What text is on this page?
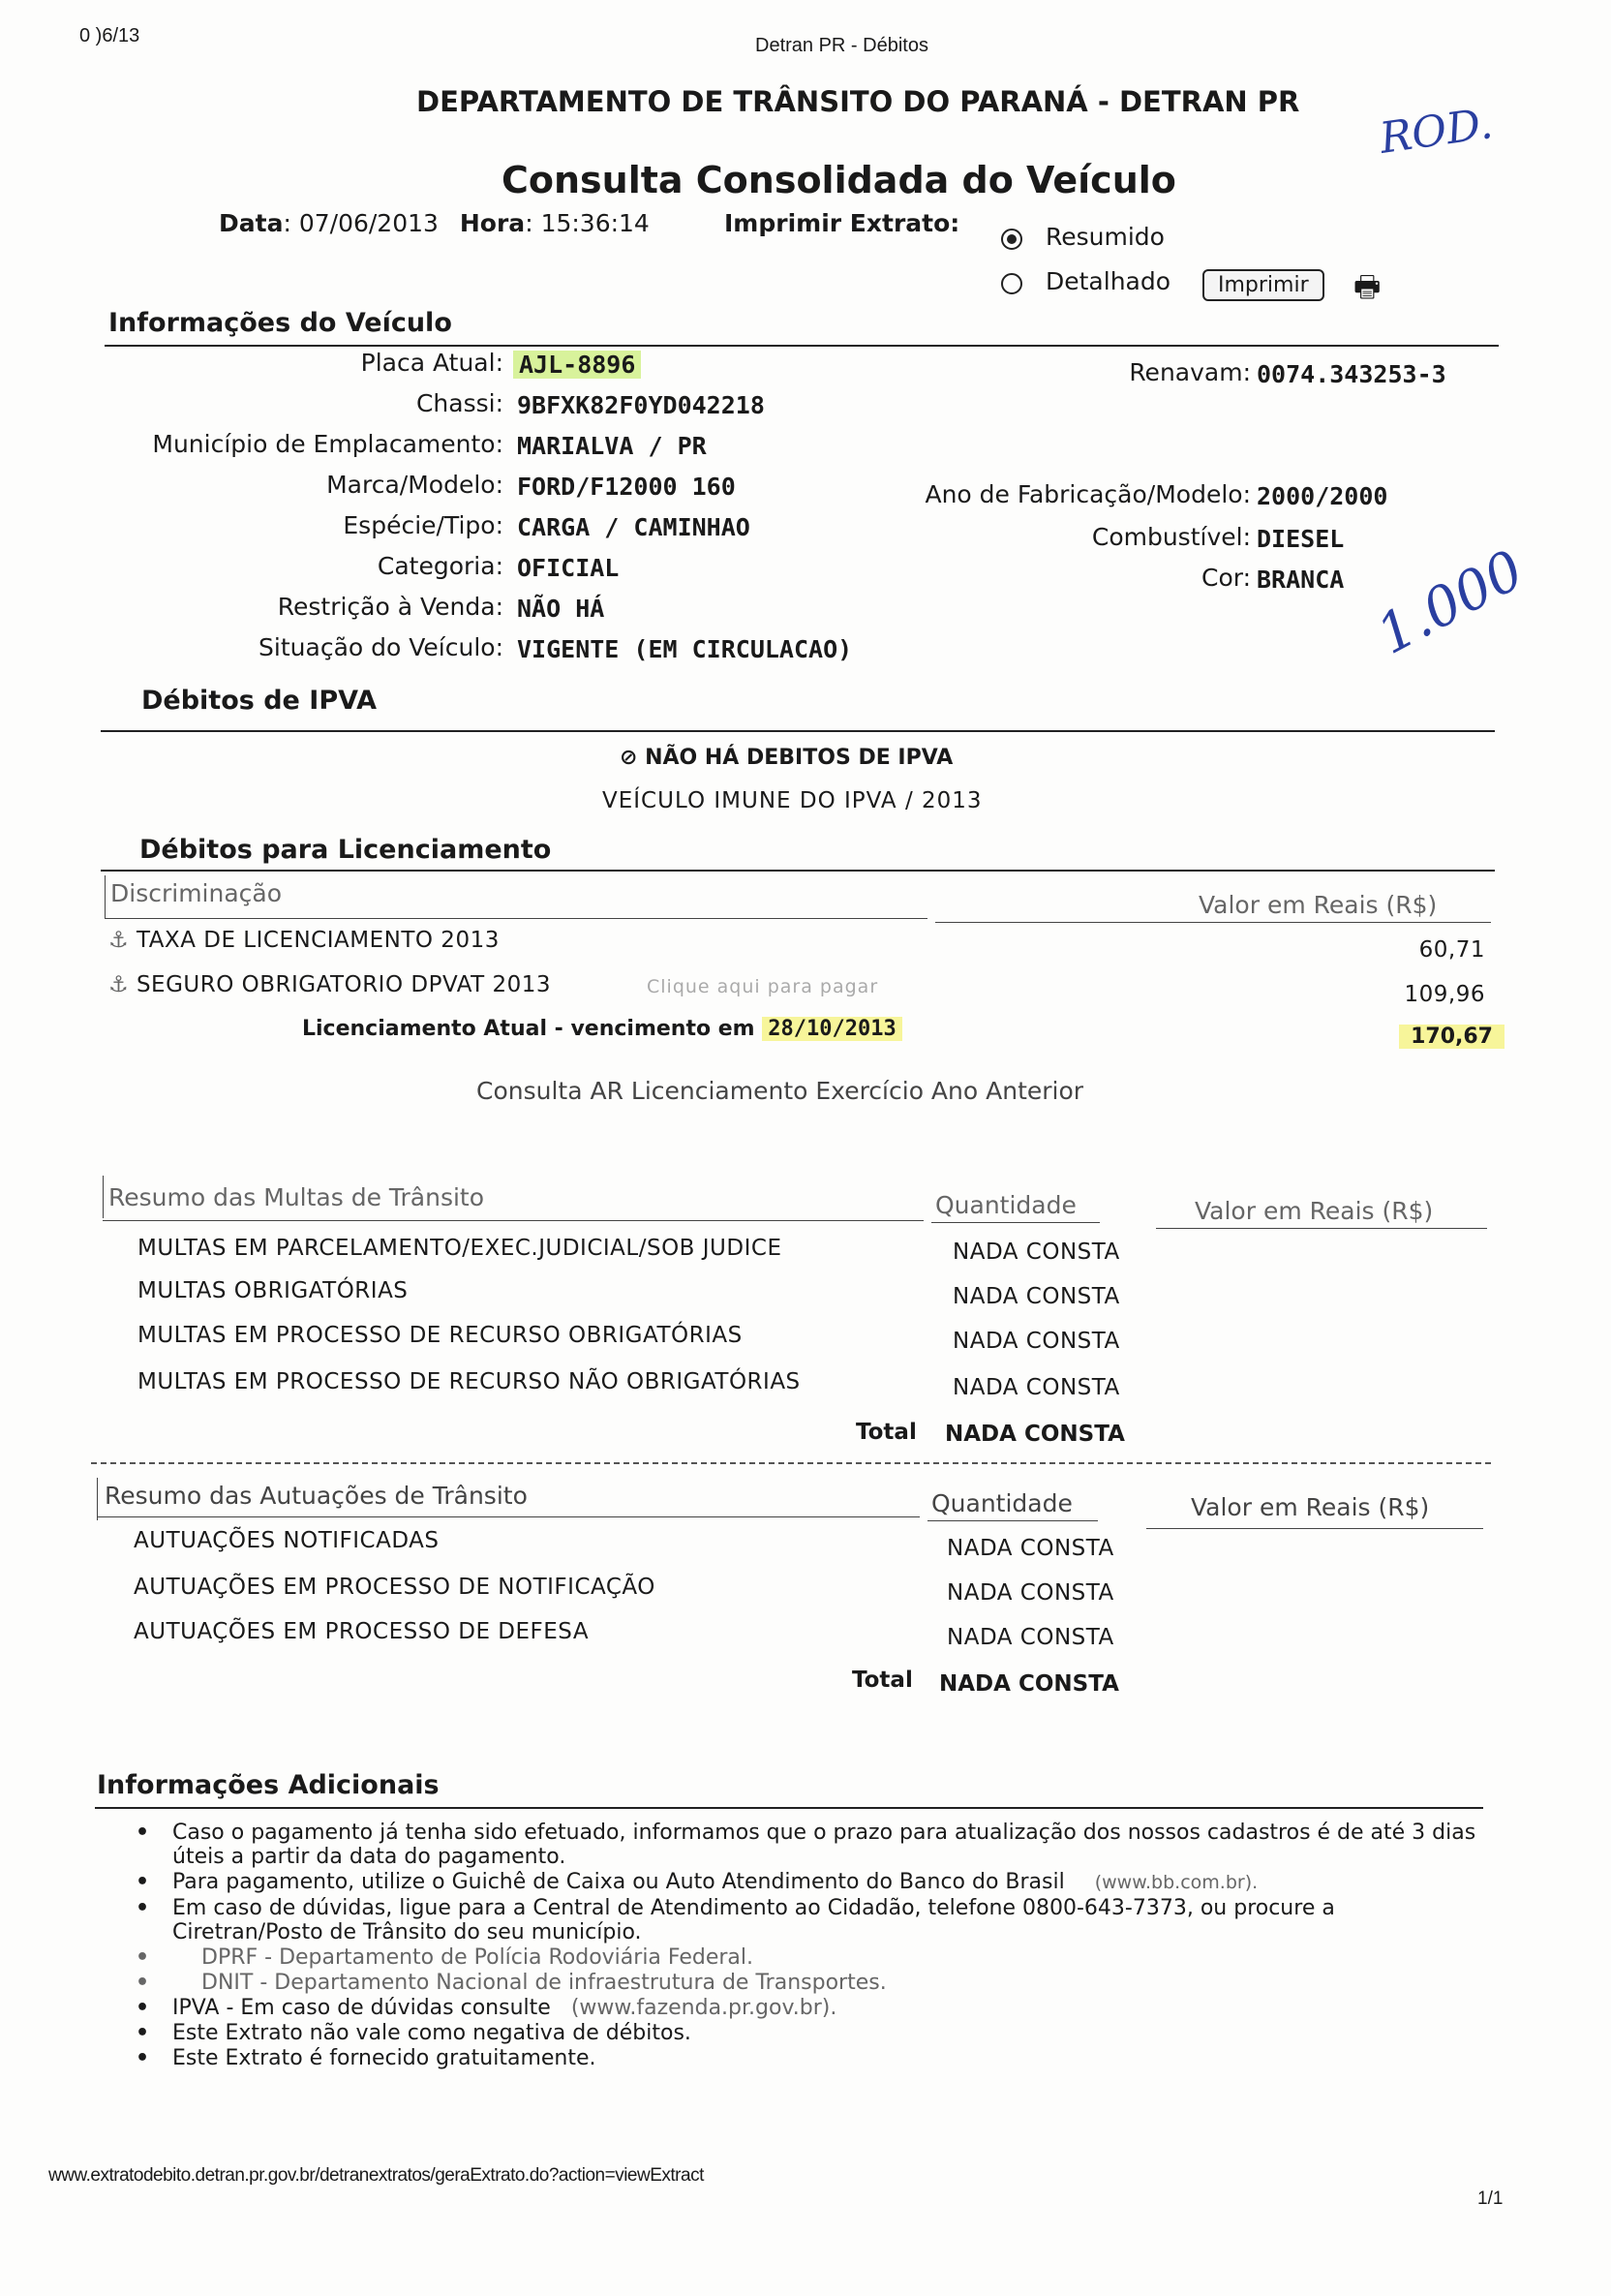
0 )6/13	Detran PR - Débitos
DEPARTAMENTO DE TRÂNSITO DO PARANÁ - DETRAN PR
Consulta Consolidada do Veículo
ROD.
Data: 07/06/2013 Hora: 15:36:14	Imprimir Extrato:	Resumido
Detalhado	Imprimir	🖶
Informações do Veículo
Placa Atual: AJL-8896
Chassi: 9BFXK82F0YD042218
Município de Emplacamento: MARIALVA / PR
Marca/Modelo: FORD/F12000 160
Espécie/Tipo: CARGA / CAMINHAO
Categoria: OFICIAL
Restrição à Venda: NÃO HÁ
Situação do Veículo: VIGENTE (EM CIRCULACAO)
Renavam: 0074.343253-3
Ano de Fabricação/Modelo: 2000/2000
Combustível: DIESEL
Cor: BRANCA 1.000
Débitos de IPVA
⊘ NÃO HÁ DEBITOS DE IPVA
VEÍCULO IMUNE DO IPVA / 2013
Débitos para Licenciamento
Discriminação	Valor em Reais (R$)
⚓ TAXA DE LICENCIAMENTO 2013	60,71
⚓ SEGURO OBRIGATORIO DPVAT 2013	Clique aqui para pagar	109,96
Licenciamento Atual - vencimento em 28/10/2013	170,67
Consulta AR Licenciamento Exercício Ano Anterior
Resumo das Multas de Trânsito	Quantidade	Valor em Reais (R$)
MULTAS EM PARCELAMENTO/EXEC.JUDICIAL/SOB JUDICE	NADA CONSTA
MULTAS OBRIGATÓRIAS	NADA CONSTA
MULTAS EM PROCESSO DE RECURSO OBRIGATÓRIAS	NADA CONSTA
MULTAS EM PROCESSO DE RECURSO NÃO OBRIGATÓRIAS	NADA CONSTA
Total NADA CONSTA
Resumo das Autuações de Trânsito	Quantidade	Valor em Reais (R$)
AUTUAÇÕES NOTIFICADAS	NADA CONSTA
AUTUAÇÕES EM PROCESSO DE NOTIFICAÇÃO	NADA CONSTA
AUTUAÇÕES EM PROCESSO DE DEFESA	NADA CONSTA
Total NADA CONSTA
Informações Adicionais
• Caso o pagamento já tenha sido efetuado, informamos que o prazo para atualização dos nossos cadastros é de até 3 dias úteis a partir da data do pagamento.
• Para pagamento, utilize o Guichê de Caixa ou Auto Atendimento do Banco do Brasil (www.bb.com.br).
• Em caso de dúvidas, ligue para a Central de Atendimento ao Cidadão, telefone 0800-643-7373, ou procure a Ciretran/Posto de Trânsito do seu município.
• DPRF - Departamento de Polícia Rodoviária Federal.
• DNIT - Departamento Nacional de infraestrutura de Transportes.
• IPVA - Em caso de dúvidas consulte (www.fazenda.pr.gov.br).
• Este Extrato não vale como negativa de débitos.
• Este Extrato é fornecido gratuitamente.
www.extratodebito.detran.pr.gov.br/detranextratos/geraExtrato.do?action=viewExtract
1/1
